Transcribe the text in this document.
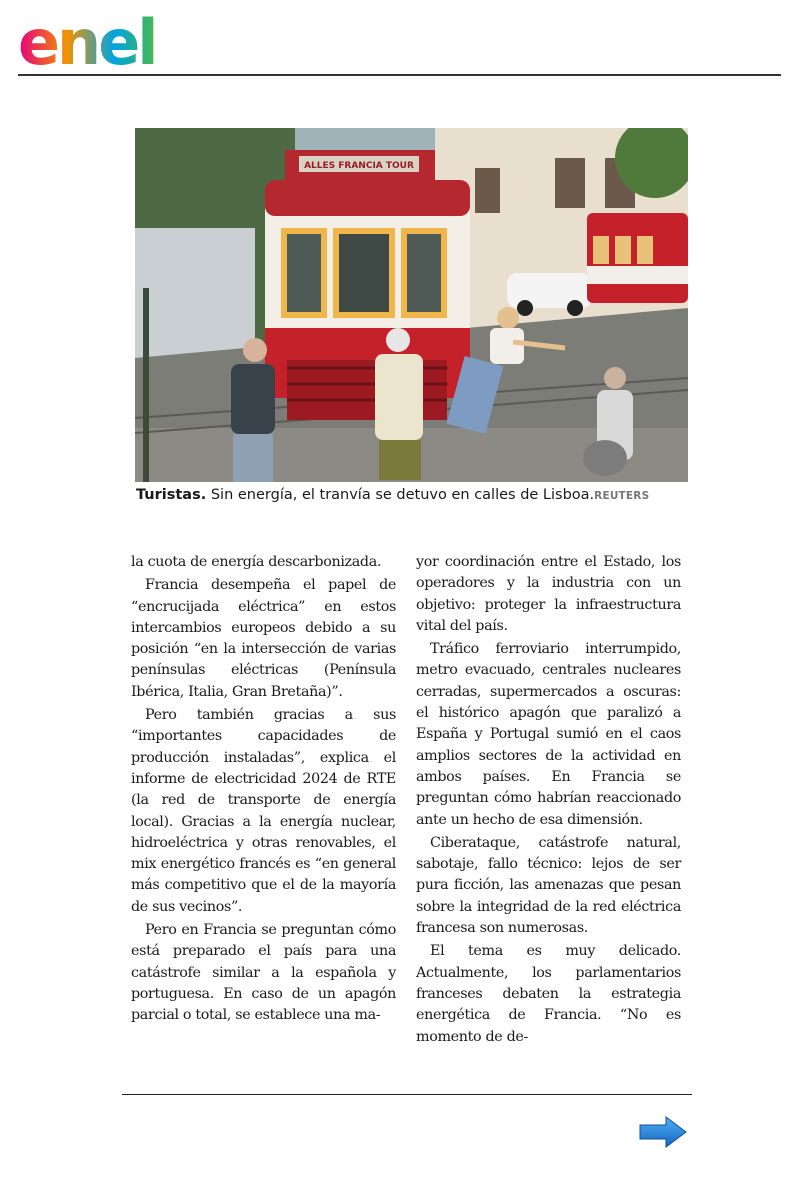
enel
ALLES FRANCIA TOUR
Turistas. Sin energía, el tranvía se detuvo en calles de Lisboa.REUTERS

la cuota de energía descarbonizada.

Francia desempeña el papel de “encrucijada eléctrica” en estos intercambios europeos debido a su posición “en la intersección de varias penínsulas eléctricas (Península Ibérica, Italia, Gran Bretaña)”.

Pero también gracias a sus “importantes capacidades de producción instaladas”, explica el informe de electricidad 2024 de RTE (la red de transporte de energía local). Gracias a la energía nuclear, hidroeléctrica y otras renovables, el mix energético francés es “en general más competitivo que el de la mayoría de sus vecinos”.

Pero en Francia se preguntan cómo está preparado el país para una catástrofe similar a la española y portuguesa. En caso de un apagón parcial o total, se establece una ma-

yor coordinación entre el Estado, los operadores y la industria con un objetivo: proteger la infraestructura vital del país.

Tráfico ferroviario interrumpido, metro evacuado, centrales nucleares cerradas, supermercados a oscuras: el histórico apagón que paralizó a España y Portugal sumió en el caos amplios sectores de la actividad en ambos países. En Francia se preguntan cómo habrían reaccionado ante un hecho de esa dimensión.

Ciberataque, catástrofe natural, sabotaje, fallo técnico: lejos de ser pura ficción, las amenazas que pesan sobre la integridad de la red eléctrica francesa son numerosas.

El tema es muy delicado. Actualmente, los parlamentarios franceses debaten la estrategia energética de Francia. “No es momento de de-
